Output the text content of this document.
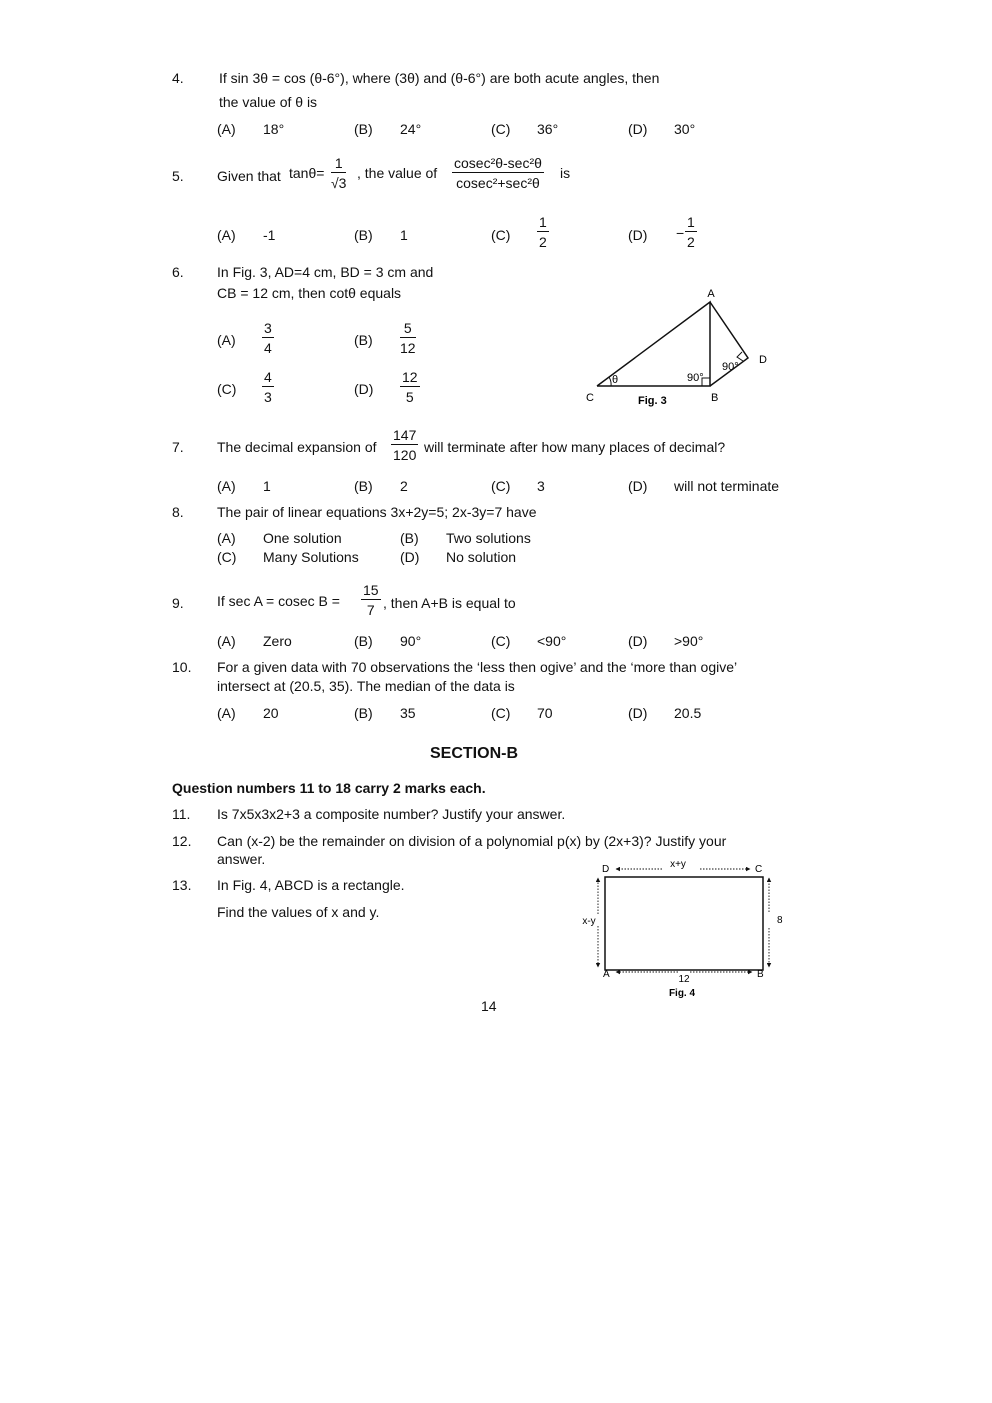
4.	If sin 3θ = cos (θ-6°), where (3θ) and (θ-6°) are both acute angles, then
the value of θ is
(A) 18°	(B) 24°	(C) 36°	(D) 30°
5. Given that $\tan\theta= \frac{1}{√3}$ , the value of
cosec²θ-sec²θ
cosec²+sec²θ
is
(A) -1	(B) 1	$(C) \frac{1}{2}$	$(D) - \frac{1}{2}$
6. In Fig. 3, AD=4 cm, BD = 3 cm and
CB = 12 cm, then cotθ equals
$(A) \frac{3}{4}$	$(B) \frac{5}{12}$
$(C) \frac{4}{3}$	$(D) \frac{12}{5}$
A
C	B
D
θ	90°
90°
Fig. 3
7. The decimal expansion of $\frac{147}{120}$ will terminate after how many places of decimal?
(A) 1	(B) 2	(C) 3	(D) will not terminate
8. The pair of linear equations 3x+2y=5; 2x-3y=7 have
(A) One solution	(B) Two solutions
(C) Many Solutions	(D) No solution
9. If sec A = cosec $B = \frac{15}{7}$ , then A+B is equal to
(A) Zero	(B) 90°	(C) <90°	(D) >90°
10. For a given data with 70 observations the ‘less then ogive’ and the ‘more than ogive’
intersect at (20.5, 35). The median of the data is
(A) 20	(B) 35	(C) 70	(D) 20.5
SECTION-B
Question numbers 11 to 18 carry 2 marks each.
11. Is 7x5x3x2+3 a composite number? Justify your answer.
12. Can (x-2) be the remainder on division of a polynomial p(x) by (2x+3)? Justify your
answer.
13. In Fig. 4, ABCD is a rectangle.
Find the values of x and y.
D	C
A	B
x+y
x-y	8
12
Fig. 4
14
